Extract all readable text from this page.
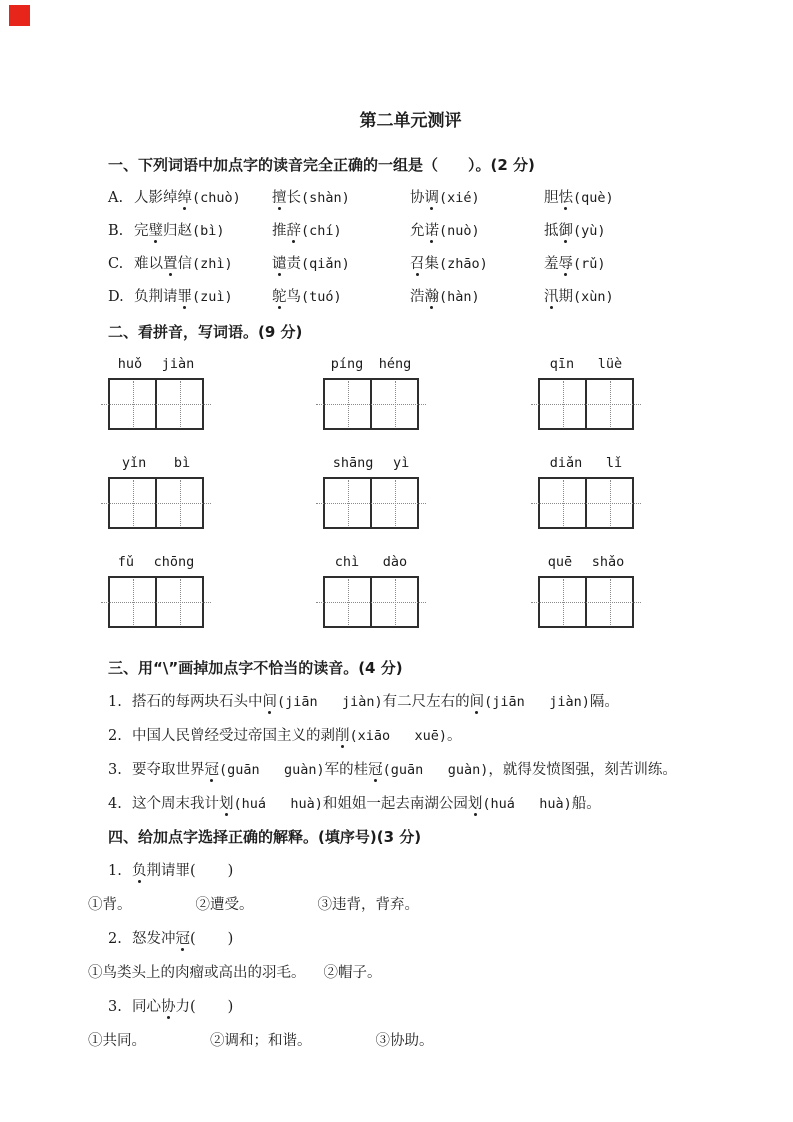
第二单元测评
一、下列词语中加点字的读音完全正确的一组是（　　）。(2 分)
A. 人影绰绰(chuò)	擅长(shàn)	协调(xié)	胆怯(què)
B. 完璧归赵(bì)	推辞(chí)	允诺(nuò)	抵御(yù)
C. 难以置信(zhì)	谴责(qiǎn)	召集(zhāo)	羞辱(rǔ)
D. 负荆请罪(zuì)	鸵鸟(tuó)	浩瀚(hàn)	汛期(xùn)
二、看拼音，写词语。(9 分)
huǒ jiàn	píng héng	qīn lüè
yǐn bì	shāng yì	diǎn lǐ
fǔ chōng	chì dào	quē shǎo
三、用“\”画掉加点字不恰当的读音。(4 分)
1. 搭石的每两块石头中间(jiān   jiàn)有二尺左右的间(jiān   jiàn)隔。
2. 中国人民曾经受过帝国主义的剥削(xiāo   xuē)。
3. 要夺取世界冠(guān   guàn)军的桂冠(guān   guàn)，就得发愤图强，刻苦训练。
4. 这个周末我计划(huá   huà)和姐姐一起去南湖公园划(huá   huà)船。
四、给加点字选择正确的解释。(填序号)(3 分)
1. 负荆请罪(　　)
①背。	②遭受。	③违背，背弃。
2. 怒发冲冠(　　)
①鸟类头上的肉瘤或高出的羽毛。 ②帽子。
3. 同心协力(　　)
①共同。	②调和；和谐。	③协助。
